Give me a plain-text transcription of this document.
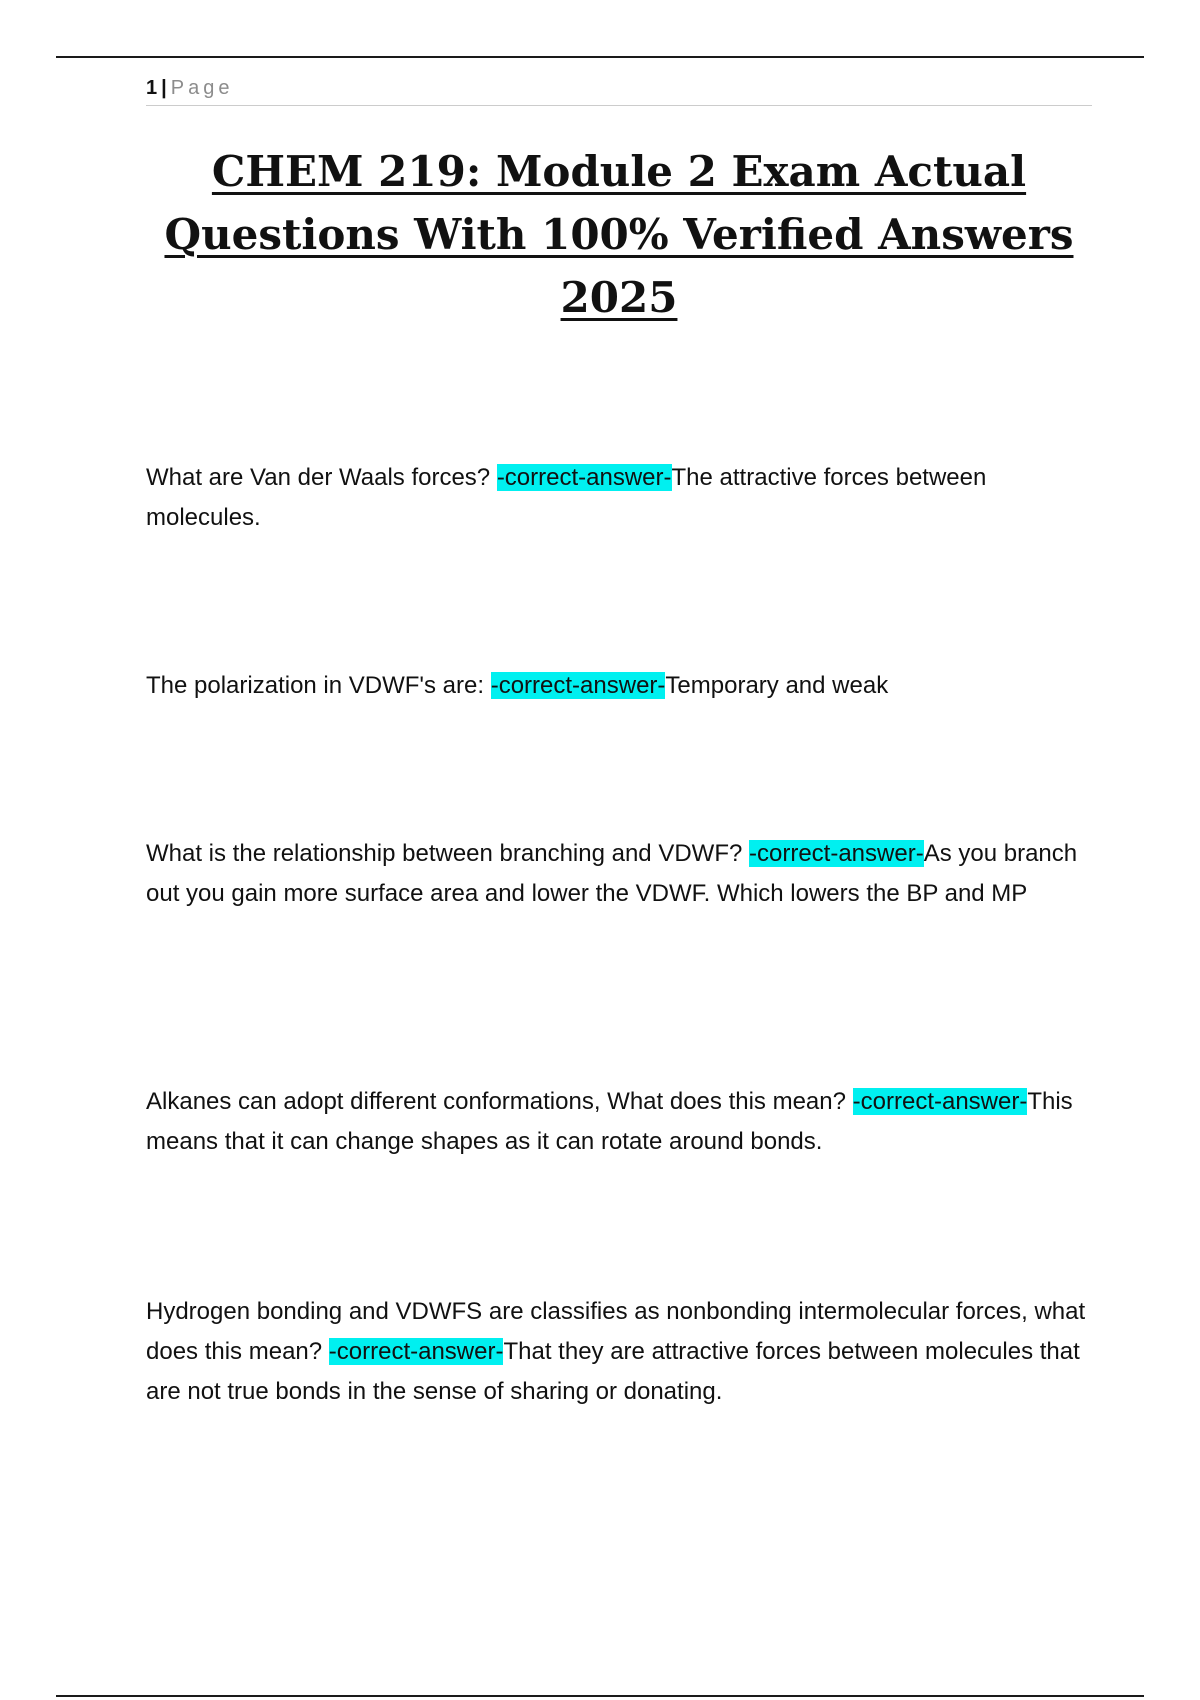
1 | Page
CHEM 219: Module 2 Exam Actual Questions With 100% Verified Answers 2025

What are Van der Waals forces? -correct-answer-The attractive forces between molecules.

The polarization in VDWF's are: -correct-answer-Temporary and weak

What is the relationship between branching and VDWF? -correct-answer-As you branch out you gain more surface area and lower the VDWF. Which lowers the BP and MP

Alkanes can adopt different conformations, What does this mean? -correct-answer-This means that it can change shapes as it can rotate around bonds.

Hydrogen bonding and VDWFS are classifies as nonbonding intermolecular forces, what does this mean? -correct-answer-That they are attractive forces between molecules that are not true bonds in the sense of sharing or donating.
